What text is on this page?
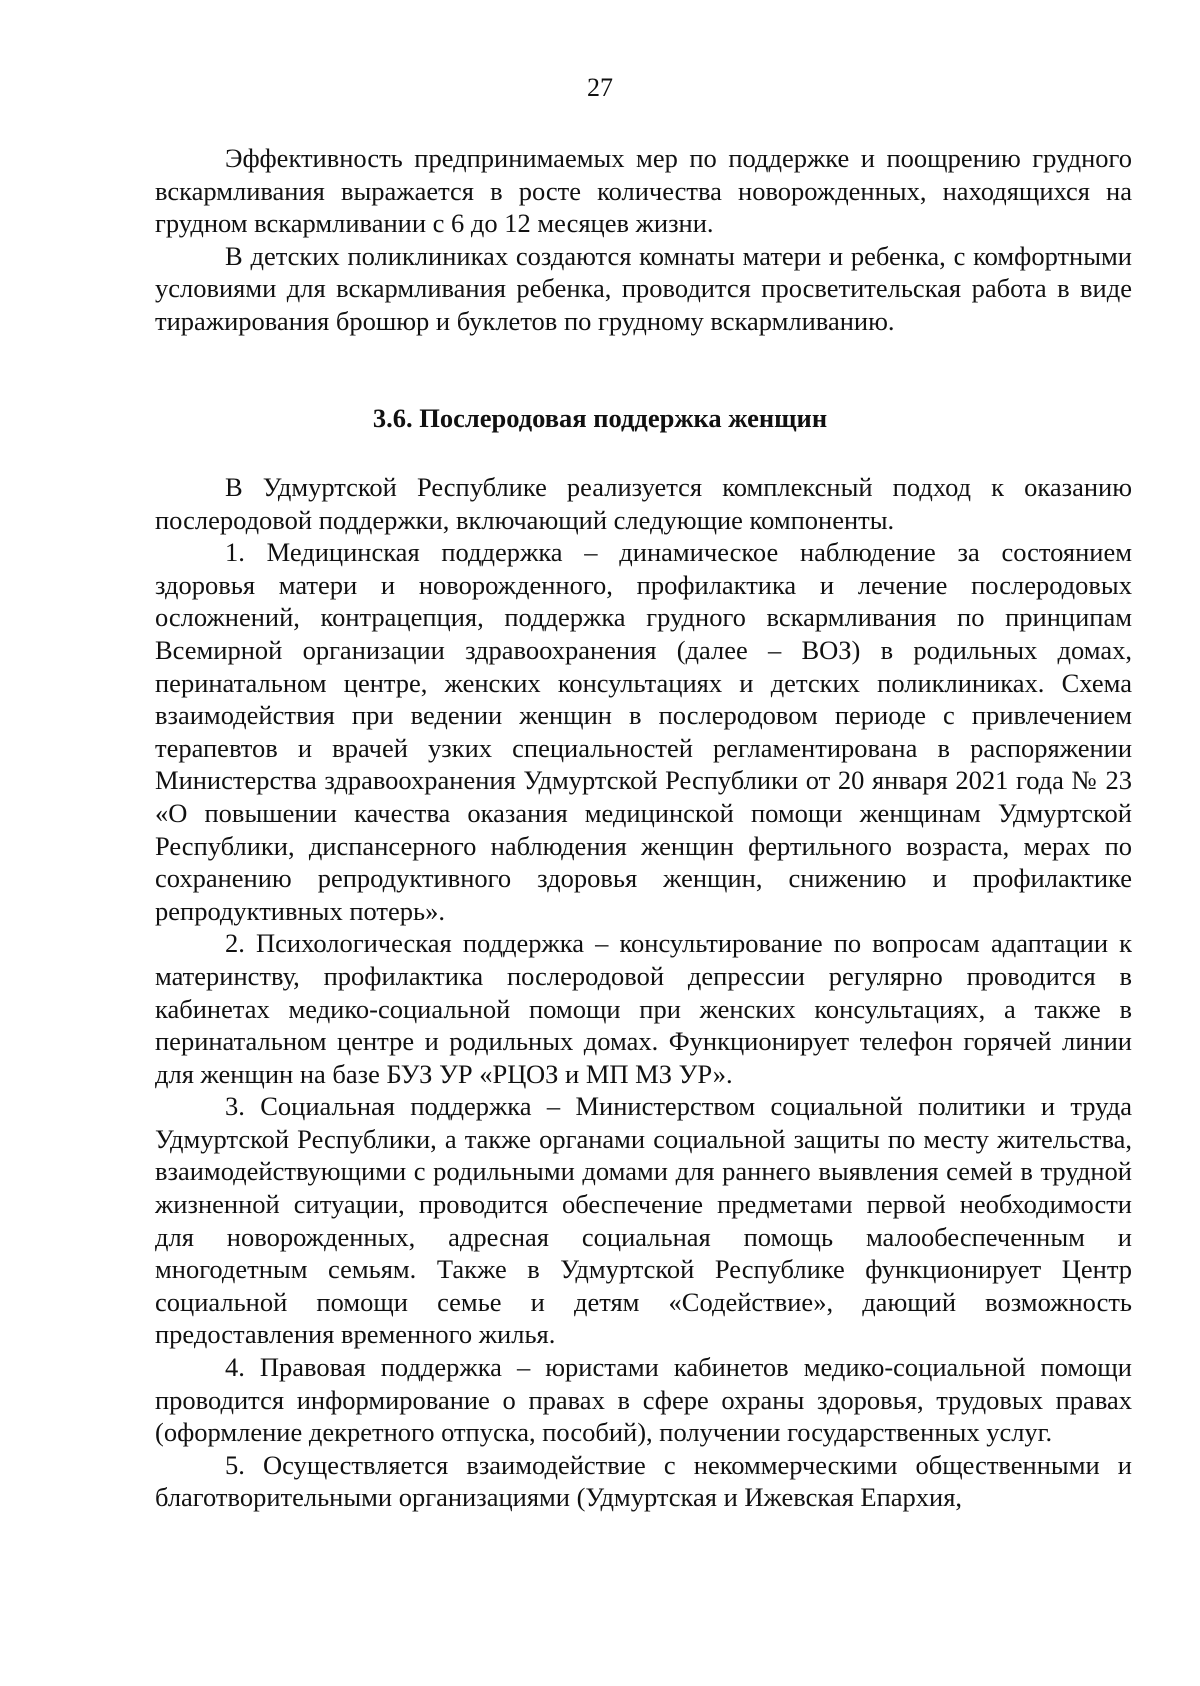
27

Эффективность предпринимаемых мер по поддержке и поощрению грудного вскармливания выражается в росте количества новорожденных, находящихся на грудном вскармливании с 6 до 12 месяцев жизни.

В детских поликлиниках создаются комнаты матери и ребенка, с комфортными условиями для вскармливания ребенка, проводится просветительская работа в виде тиражирования брошюр и буклетов по грудному вскармливанию.

3.6. Послеродовая поддержка женщин

В Удмуртской Республике реализуется комплексный подход к оказанию послеродовой поддержки, включающий следующие компоненты.

1. Медицинская поддержка – динамическое наблюдение за состоянием здоровья матери и новорожденного, профилактика и лечение послеродовых осложнений, контрацепция, поддержка грудного вскармливания по принципам Всемирной организации здравоохранения (далее – ВОЗ) в родильных домах, перинатальном центре, женских консультациях и детских поликлиниках. Схема взаимодействия при ведении женщин в послеродовом периоде с привлечением терапевтов и врачей узких специальностей регламентирована в распоряжении Министерства здравоохранения Удмуртской Республики от 20 января 2021 года № 23 «О повышении качества оказания медицинской помощи женщинам Удмуртской Республики, диспансерного наблюдения женщин фертильного возраста, мерах по сохранению репродуктивного здоровья женщин, снижению и профилактике репродуктивных потерь».

2. Психологическая поддержка – консультирование по вопросам адаптации к материнству, профилактика послеродовой депрессии регулярно проводится в кабинетах медико-социальной помощи при женских консультациях, а также в перинатальном центре и родильных домах. Функционирует телефон горячей линии для женщин на базе БУЗ УР «РЦОЗ и МП МЗ УР».

3. Социальная поддержка – Министерством социальной политики и труда Удмуртской Республики, а также органами социальной защиты по месту жительства, взаимодействующими с родильными домами для раннего выявления семей в трудной жизненной ситуации, проводится обеспечение предметами первой необходимости для новорожденных, адресная социальная помощь малообеспеченным и многодетным семьям. Также в Удмуртской Республике функционирует Центр социальной помощи семье и детям «Содействие», дающий возможность предоставления временного жилья.

4. Правовая поддержка – юристами кабинетов медико-социальной помощи проводится информирование о правах в сфере охраны здоровья, трудовых правах (оформление декретного отпуска, пособий), получении государственных услуг.

5. Осуществляется взаимодействие с некоммерческими общественными и благотворительными организациями (Удмуртская и Ижевская Епархия,
